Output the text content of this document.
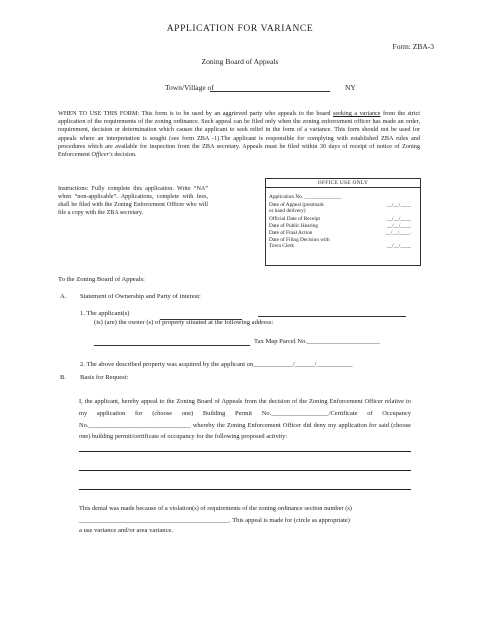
APPLICATION FOR VARIANCE
Form: ZBA-3
Zoning Board of Appeals
Town/Village of	NY
WHEN TO USE THIS FORM: This form is to be used by an aggrieved party who appeals to the board seeking a variance from the strict application of the requirements of the zoning ordinance. Such appeal can be filed only when the zoning enforcement officer has made an order, requirement, decision or determination which causes the applicant to seek relief in the form of a variance. This form should not be used for appeals where an interpretation is sought (see form ZBA -1).The applicant is responsible for complying with established ZBA rules and procedures which are available for inspection from the ZBA secretary. Appeals must be filed within 30 days of receipt of notice of Zoning Enforcement Officer's decision.
Instructions: Fully complete this application. Write “NA” when “non-applicable”. Applications, complete with fees, shall be filed with the Zoning Enforcement Officer who will file a copy with the ZBA secretary.
OFFICE USE ONLY
Application No. ______________
Date of Appeal (postmark	__/__/____
or hand delivery)
Official Date of Receipt	__/__/____
Date of Public Hearing	__/__/____
Date of Final Action	__/__/____.
Date of Filing Decision with
Town Clerk	__/__/____
To the Zoning Board of Appeals:
A. Statement of Ownership and Party of interest:
1. The applicant(s)
(is) (are) the owner (s) of property situated at the following address:
Tax Map Parcel No.______________________
2. The above described property was acquired by the applicant on____________/______/___________
B. Basis for Request:
I, the applicant, hereby appeal to the Zoning Board of Appeals from the decision of the Zoning Enforcement Officer relative to my application for (choose one) Building Permit No.__________________/Certificate of Occupancy No.________________________________ whereby the Zoning Enforcement Officer did deny my application for said (choose one) building permit/certificate of occupancy for the following proposed activity:
This denial was made because of a violation(s) of requirements of the zoning ordinance section number (s) _______________________________________________. This appeal is made for (circle as appropriate)
a use variance and/or area variance.
